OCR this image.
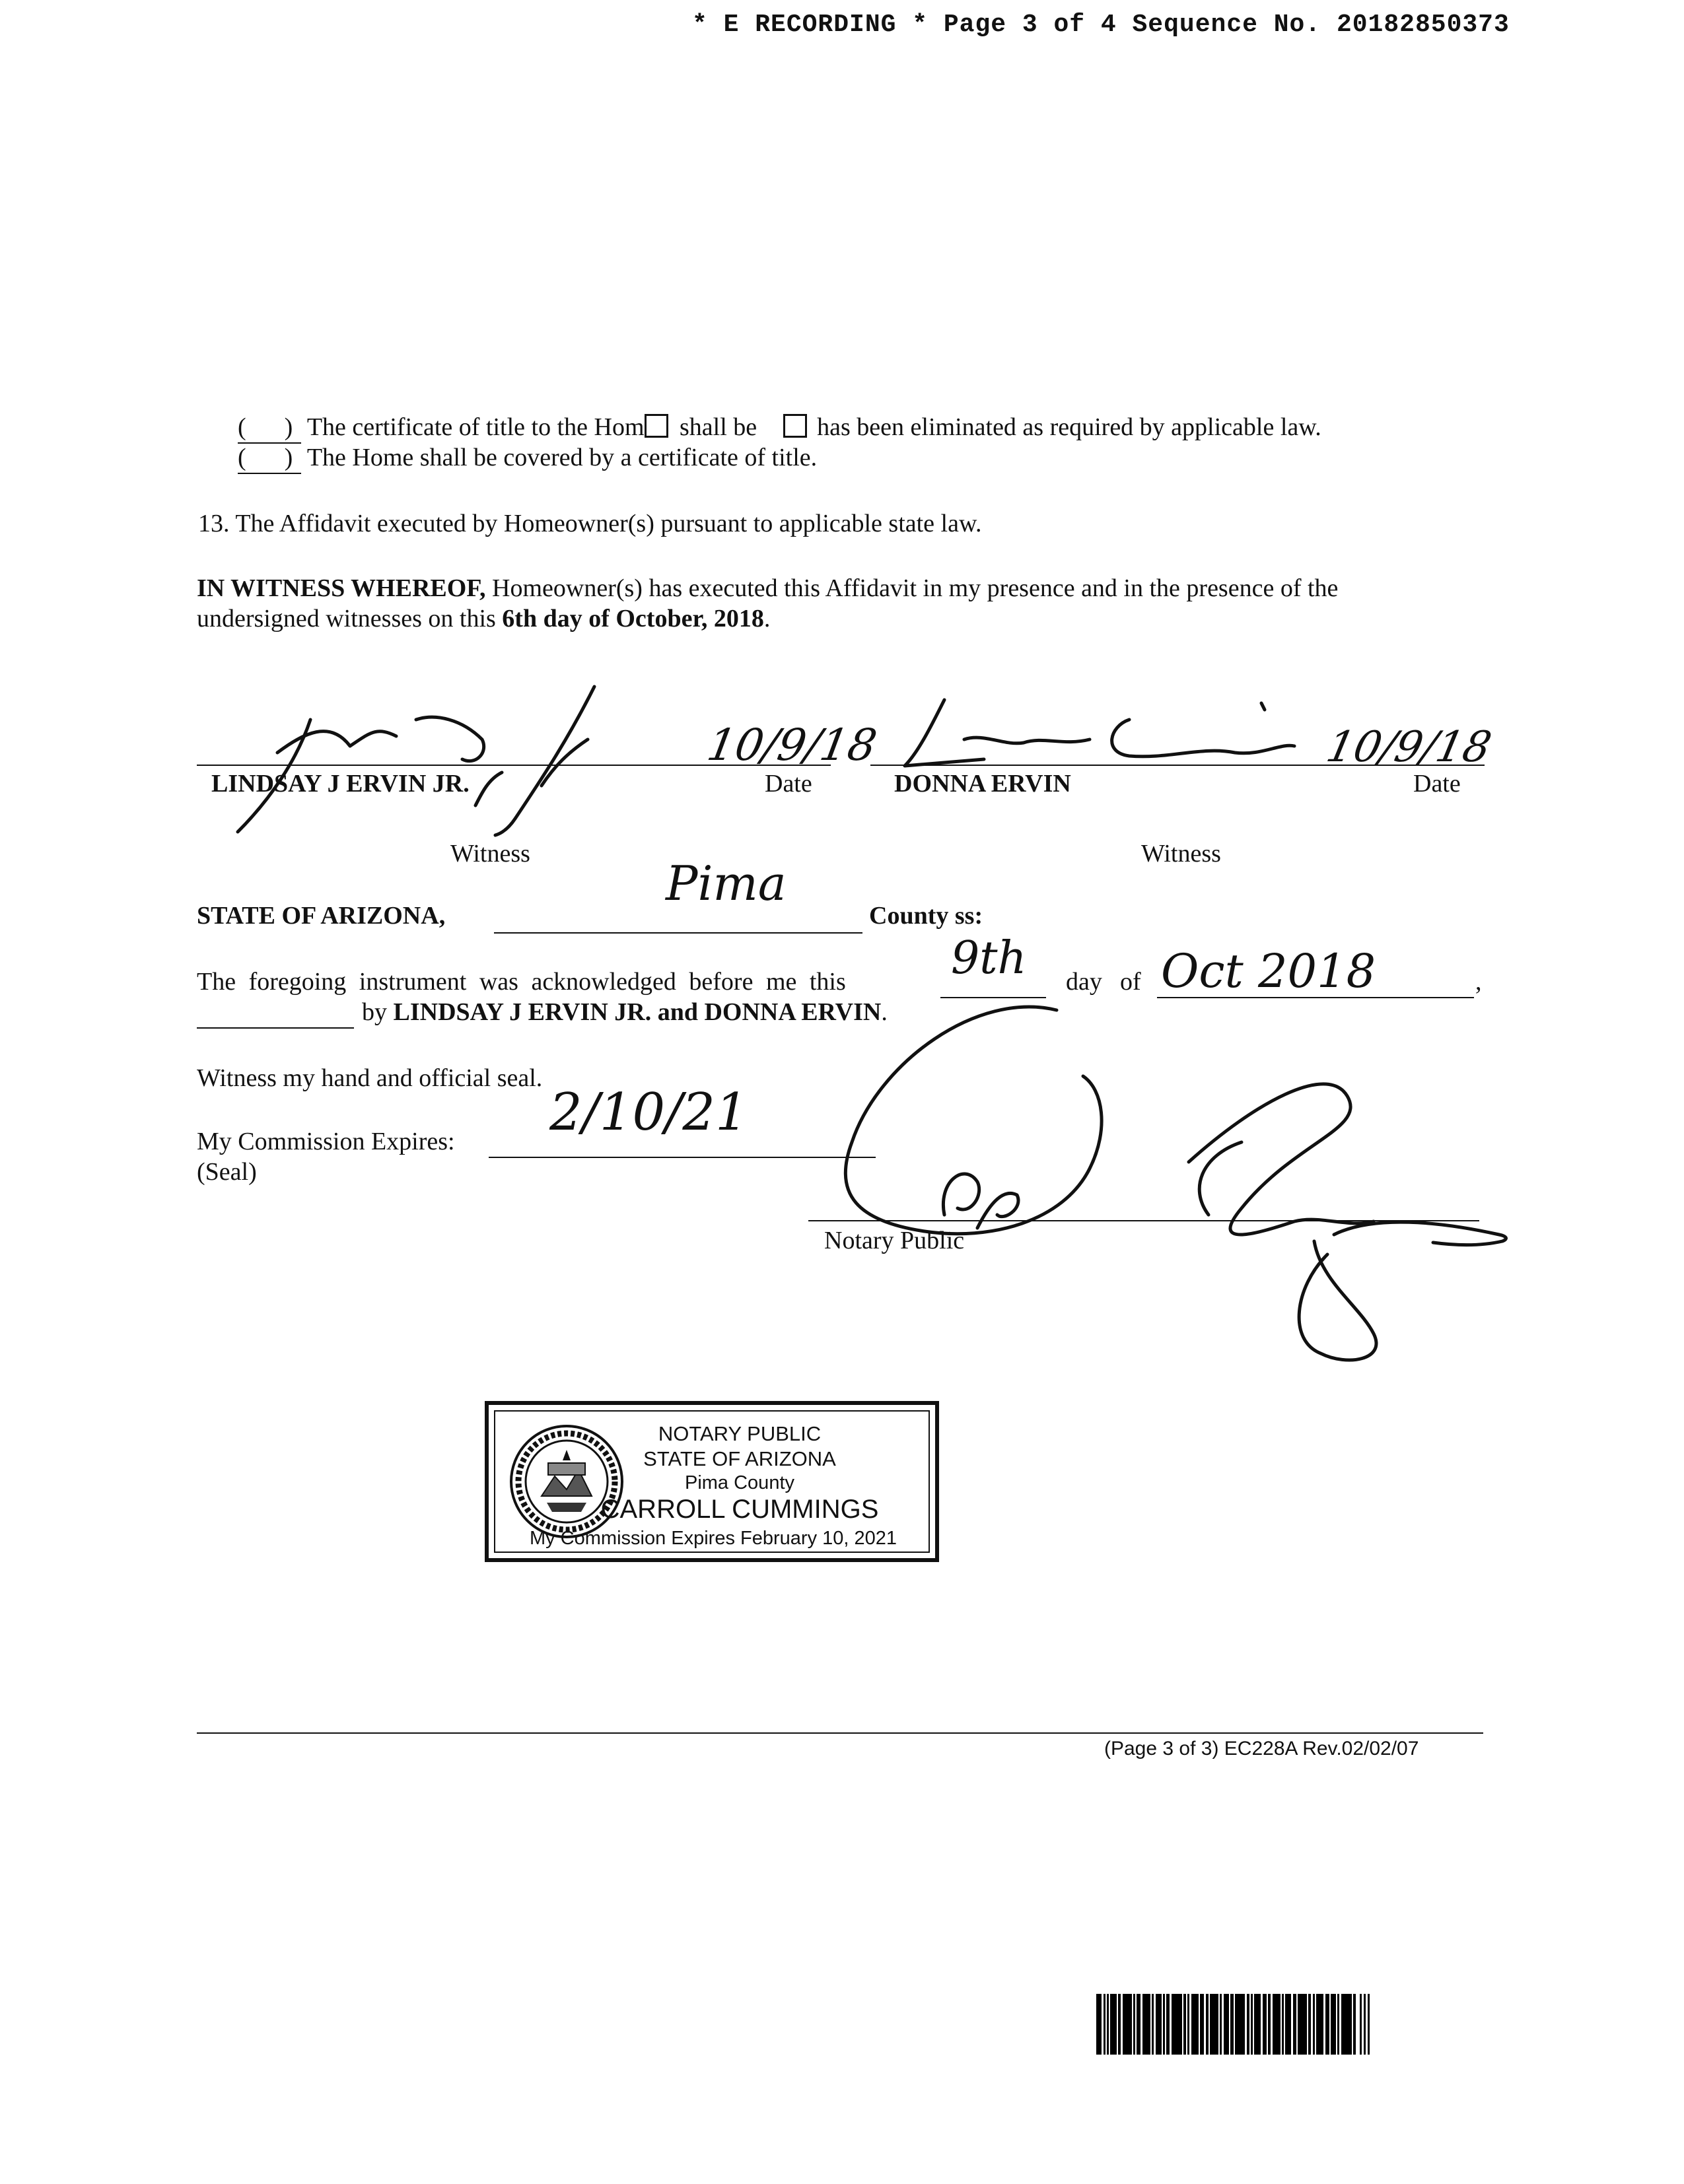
* E RECORDING * Page 3 of 4 Sequence No. 20182850373
( ) The certificate of title to the Hom shall be has been eliminated as required by applicable law.
( ) The Home shall be covered by a certificate of title.
13. The Affidavit executed by Homeowner(s) pursuant to applicable state law.
IN WITNESS WHEREOF, Homeowner(s) has executed this Affidavit in my presence and in the presence of the
undersigned witnesses on this 6th day of October, 2018.
10/9/18	10/9/18
LINDSAY J ERVIN JR.	Date	DONNA ERVIN	Date
Witness	Witness
STATE OF ARIZONA,
Pima
County ss:
The foregoing instrument was acknowledged before me this 9th day of Oct 2018	,
by LINDSAY J ERVIN JR. and DONNA ERVIN.
Witness my hand and official seal.
My Commission Expires: 2/10/21
(Seal)
Notary Public
NOTARY PUBLIC
STATE OF ARIZONA
Pima County
CARROLL CUMMINGS
My Commission Expires February 10, 2021
(Page 3 of 3) EC228A Rev.02/02/07
